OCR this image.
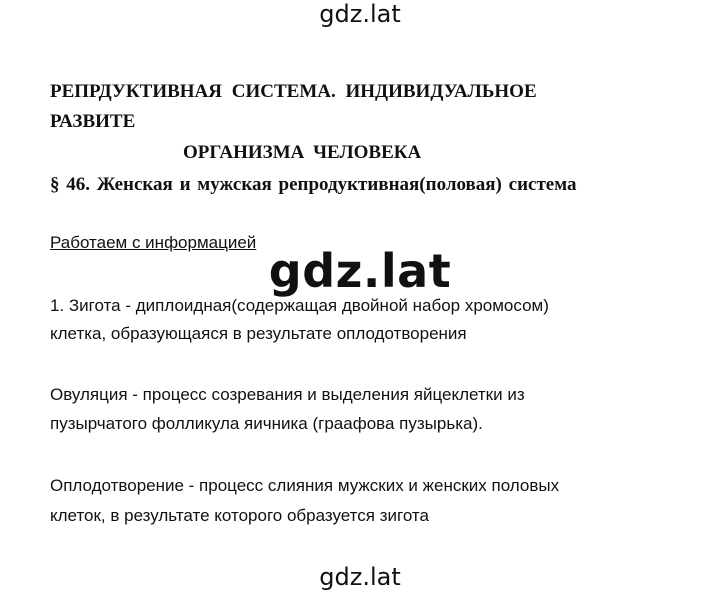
gdz.lat
РЕПРДУКТИВНАЯ СИСТЕМА. ИНДИВИДУАЛЬНОЕ
РАЗВИТЕ
ОРГАНИЗМА ЧЕЛОВЕКА
§ 46. Женская и мужская репродуктивная(половая) система

Работаем с информацией

1. Зигота - диплоидная(содержащая двойной набор хромосом)

клетка, образующаяся в результате оплодотворения

Овуляция - процесс созревания и выделения яйцеклетки из

пузырчатого фолликула яичника (граафова пузырька).

Оплодотворение - процесс слияния мужских и женских половых

клеток, в результате которого образуется зигота

gdz.lat
gdz.lat
